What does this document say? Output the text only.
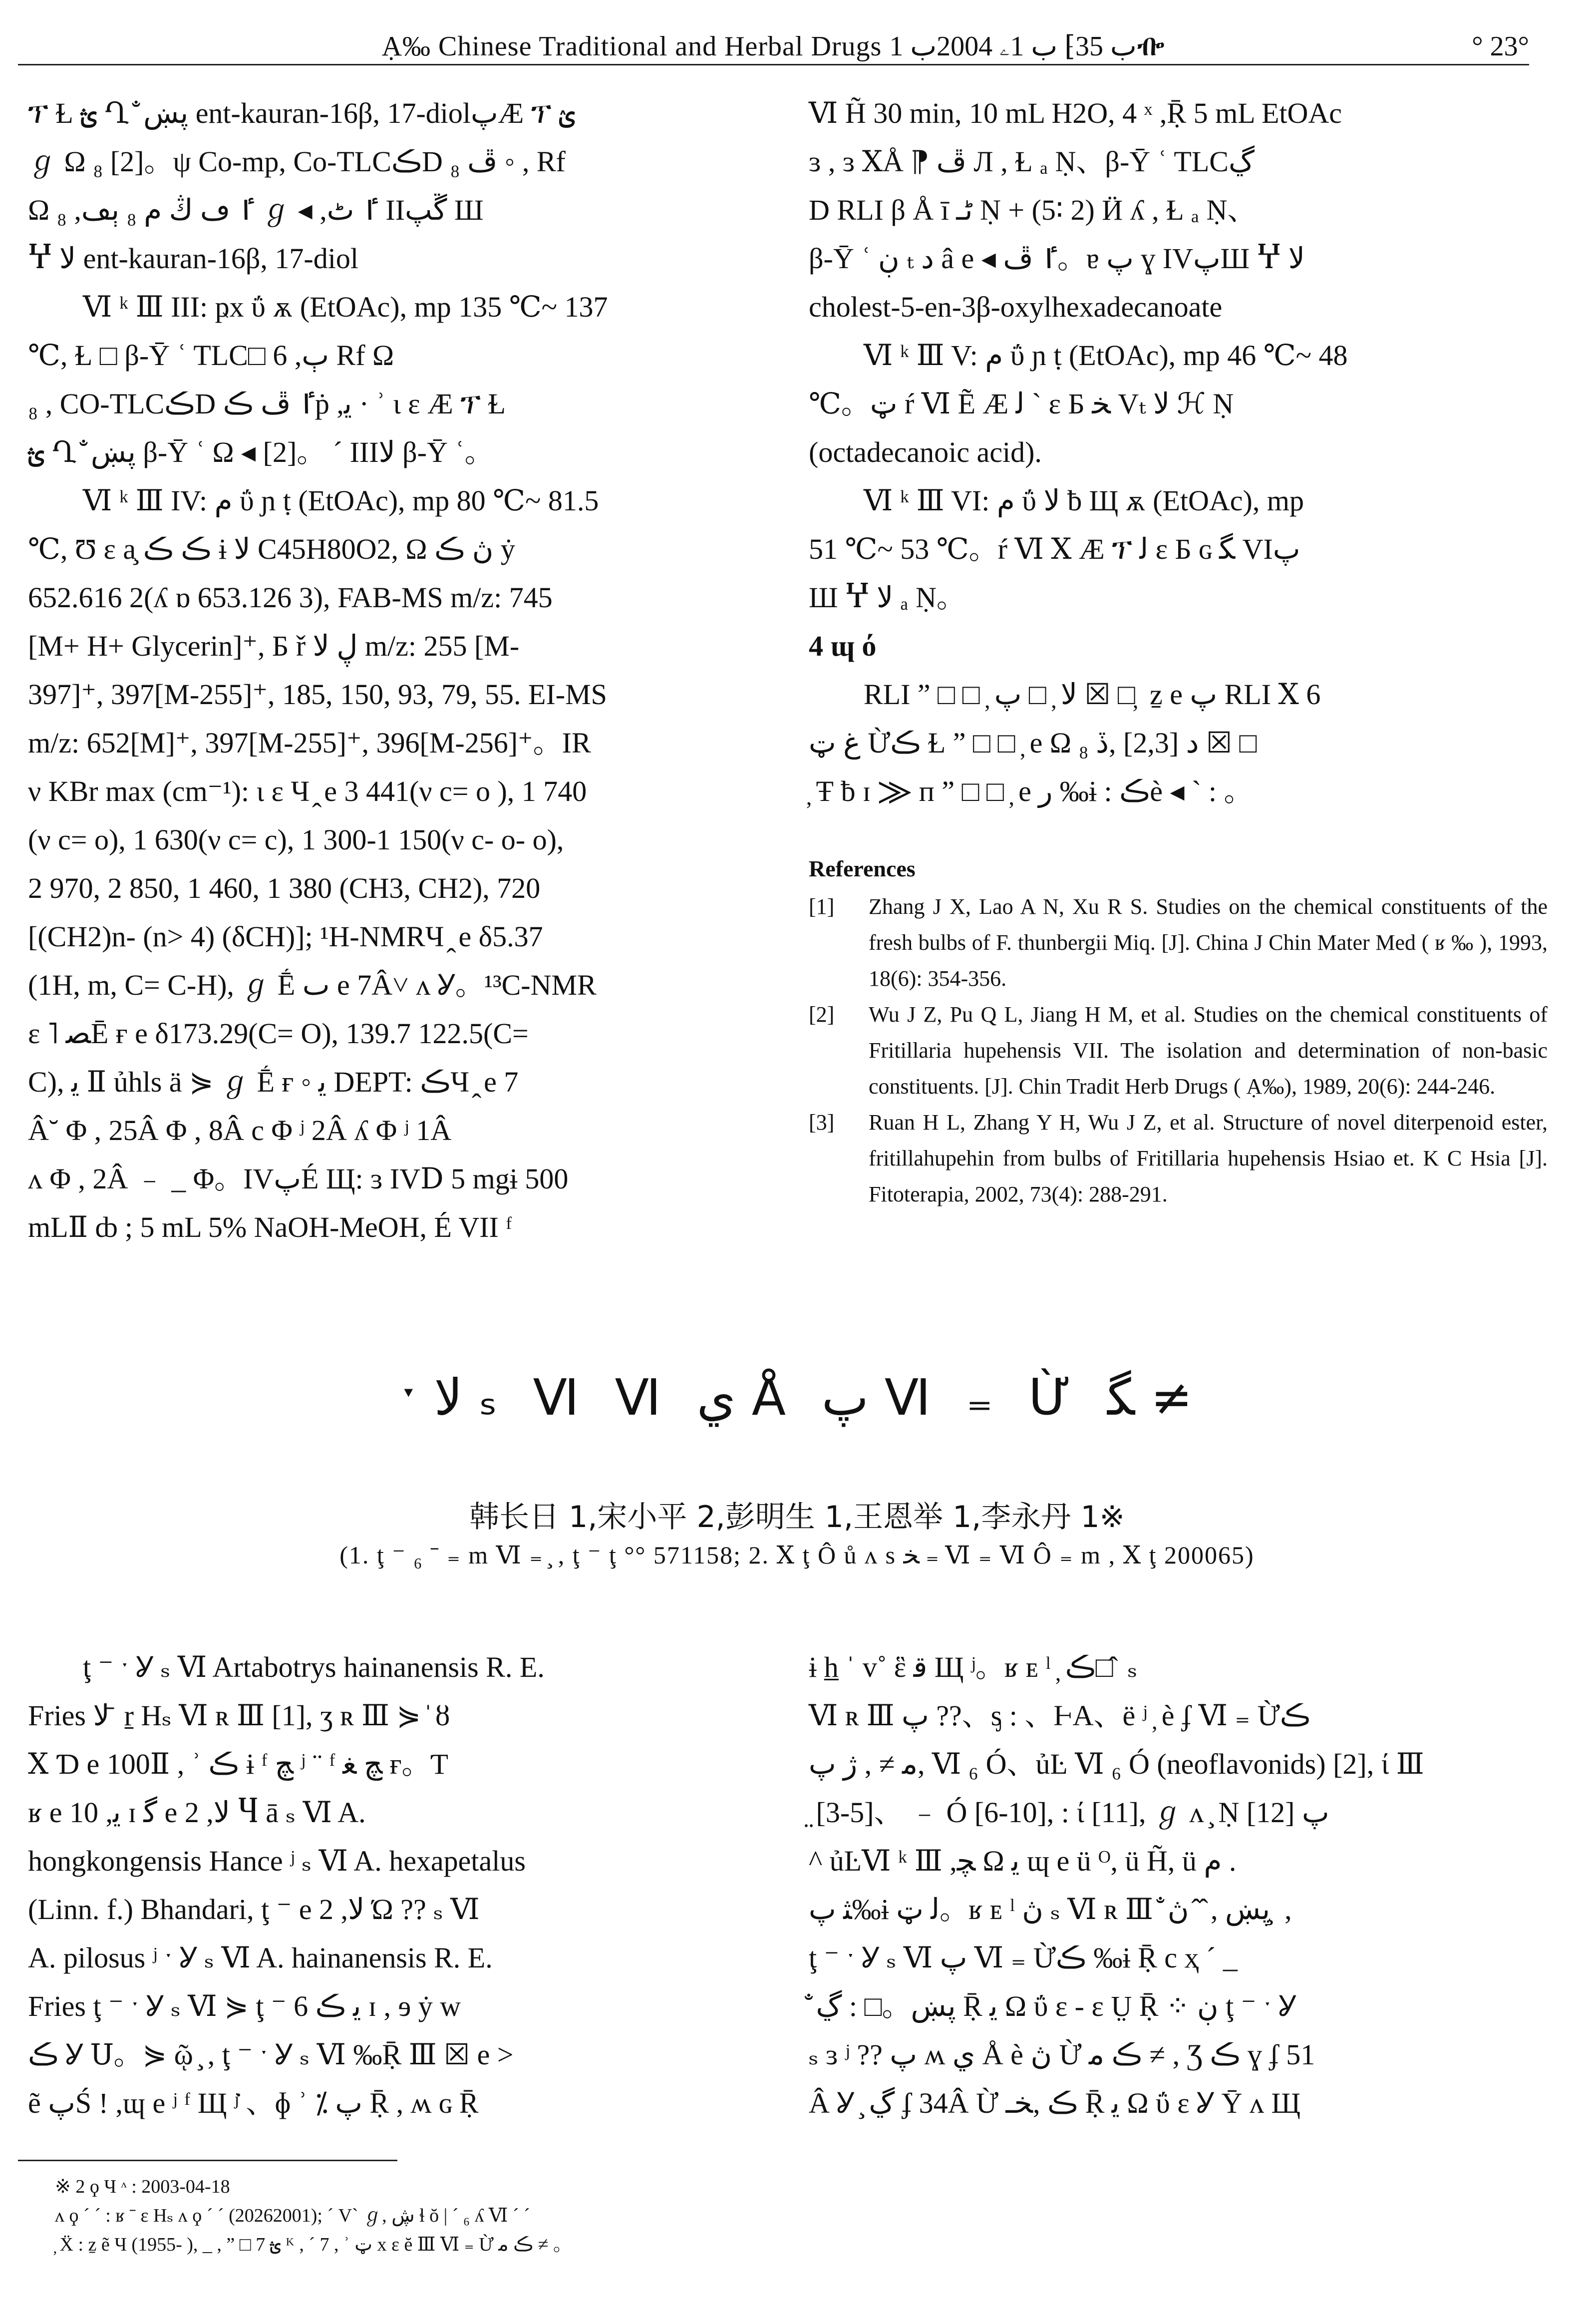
Ạ‰ Chinese Traditional and Herbal Drugs ب 35⁆ ب 1ۦ 2004ب 1ᎇ	° 23°

ፕ Ɫ ؿ Ղ ̐ پښ ent-kauran-16β, 17-diolپÆ ፕ ؽ

ℊ Ω ₈ [2]。ψ Co-mp, Co-TLCڪD ₈ ڦ ◦ , Rf

Ω ₈ ,ٵ ڡ ڭ ﻡ ₈ ٻڡ ℊ ◂ ,ٵ ٹ IIڱپ Ш

Ⴤ ﻻ ent-kauran-16β, 17-diol

Ⅵ ᵏ Ⅲ III: ҏx ΰ ѫ (EtOAc), mp 135 ℃~ 137

℃, Ɫ □ β-Ȳ ʿ TLC□ 6 ,ٻ Rf Ω

₈ , CO-TLCڪD ٵ ڦ ڪṗ ,ﻳ · ʾ ɩ ɛ Æ ፕ Ɫ

ؿ Ղ ̐ پښ β-Ȳ ʿ Ω ◂ [2]。 ˊ IIIﻻ β-Ȳ ʿ。

Ⅵ ᵏ Ⅲ IV: ﻡ ΰ ɲ ṭ (EtOAc), mp 80 ℃~ 81.5

℃, Ʊ ɛ a̧ ڪ ڪ ɨ ﻻ C45H80O2, Ω ڽ ڪ ẏ

652.616 2(ʎ ɒ 653.126 3), FAB-MS m/z: 745

[M+ H+ Glycerin]⁺, Б ř ڸ ﻻ m/z: 255 [M-

397]⁺, 397[M-255]⁺, 185, 150, 93, 79, 55. EI-MS

m/z: 652[M]⁺, 397[M-255]⁺, 396[M-256]⁺。IR

ν KBr max (cm⁻¹): ɩ ɛ Ч ̭ e 3 441(ν c= o ), 1 740

(ν c= o), 1 630(ν c= c), 1 300-1 150(ν c- o- o),

2 970, 2 850, 1 460, 1 380 (CH3, CH2), 720

[(CH2)n- (n> 4) (δCH)]; ¹H-NMRЧ ̭ e δ5.37

(1H, m, C= C-H), ℊ Ḗ ٮ e 7Â˅ ʌ Ỿ。¹³C-NMR

ɛ ˥ ﺼĒ ғ e δ173.29(C= O), 139.7 122.5(C=

C), ﻳ Ⅱ ủhls ä ⋟ ℊ Ḗ ғ ◦ ﻳ DEPT: ڪЧ ̭ e 7

Â˘ Φ , 25Â Φ , 8Â c Φ ʲ 2Â ʎ Φ ʲ 1Â

ʌ Φ , 2Â ﹣ _ Φ。IVپÉ Щ: ɜ IVⅮ 5 mgɨ 500

mLⅡ ȸ ; 5 mL 5% NaOH-MeOH, É VII ᶠ

Ⅵ H̃ 30 min, 10 mL H2O, 4 ˣ ,Ṝ 5 mL EtOAc

ɜ , ɜ ⅩÅ ⁋ ڦ Л , Ɫ ₐ Ṇ、β-Ȳ ʿ TLCڲ

D RLI β Å ī ڻـ Ṇ + (5∶ 2) Ӥ ʎ , Ɫ ₐ Ṇ、

β-Ȳ ʿ ڹ ₜ ﺩ â e ◂ ٵ ڦ。ɐ پ ɣ IVپШ Ⴤ ﻻ

cholest-5-en-3β-oxylhexadecanoate

Ⅵ ᵏ Ⅲ V: ﻡ ΰ ɲ ṭ (EtOAc), mp 46 ℃~ 48

℃。ټ ŕ Ⅵ Ẽ Æ ﻟ ˋ ɛ Б ﺨ Vₜ ﻻ ℋ Ṇ

(octadecanoic acid).

Ⅵ ᵏ Ⅲ VI: ﻡ ΰ ﻻ ƀ Щ ѫ (EtOAc), mp

51 ℃~ 53 ℃。ŕ Ⅵ Ⅹ Æ ፕ ﻟ ɛ Б ɢ ﮕ VIپ

Ш Ⴤ ﻻ ₐ Ṇ。

4 ɰ ό

RLI ” □ □ ̦ ﻻ ̦ □ پ ☒ □ ̦ ẕ e پ RLI Ⅹ 6

ﻍ ټ Ừڪ Ɫ ” □ □ ̦ e Ω ₈ ﺩ [2,3] ,ڏ ☒ □

̦ Ŧ ƀ ɪ ⨠ п ” □ □ ̦ e ﺭ ‰ɨ : ڪè ◂ ˋ : 。

References

[1]	Zhang J X, Lao A N, Xu R S. Studies on the chemical constituents of the fresh bulbs of F. thunbergii Miq. [J]. China J Chin Mater Med ( ʁ ‰ ), 1993, 18(6): 354-356.
[2]	Wu J Z, Pu Q L, Jiang H M, et al. Studies on the chemical constituents of Fritillaria hupehensis VII. The isolation and determination of non-basic constituents. [J]. Chin Tradit Herb Drugs ( Ạ‰), 1989, 20(6): 244-246.
[3]	Ruan H L, Zhang Y H, Wu J Z, et al. Structure of novel diterpenoid ester, fritillahupehin from bulbs of Fritillaria hupehensis Hsiao et. K C Hsia [J]. Fitoterapia, 2002, 73(4): 288-291.
ˑ ﻻ ₛ Ⅵ Ⅵ ي Å پ Ⅵ ₌ Ừ ﮕ ≠
韩长日 1,宋小平 2,彭明生 1,王恩举 1,李永丹 1※
(1. ţ ⁻ ₆ ˉ ₌ m Ⅵ ₌ ̧ , ţ ⁻ ţ °° 571158; 2. Ⅹ ţ Ô ů ʌ s ﺨ ₌ Ⅵ ₌ Ⅵ Ô ₌ m , Ⅹ ţ 200065)

ţ ⁻ ˑ Ỿ ₛ Ⅵ Artabotrys hainanensis R. E.

Fries ﻻ ̄ ṟ Hₛ Ⅵ ʀ Ⅲ [1], ʒ ʀ Ⅲ ⋟ ̍ ȣ

Ⅹ Ɗ e 100Ⅱ , ʾ ڪ ɨ ᶠ ﭻ ʲ ¨ ᶠ ﭻ ﻐ ғ。Ƭ

ʁ e 10 ,ﻳ ɪ ﮔ e 2 ,ﻻ Ⴗ ā ₛ Ⅵ A.

hongkongensis Hance ʲ ₛ Ⅵ A. hexapetalus

(Linn. f.) Bhandari, ţ ⁻ e 2 ,ﻻ Ώ ?? ₛ Ⅵ

A. pilosus ʲ ˑ Ỿ ₛ Ⅵ A. hainanensis R. E.

Fries ţ ⁻ ˑ Ỿ ₛ Ⅵ ⋟ ţ ⁻ ﻳ ڪ 6 ɪ , ɘ ẏ w

ڪ Ỿ Ս。⋟ ῷ ̧ , ţ ⁻ ˑ Ỿ ₛ Ⅵ ‰Ṝ Ⅲ ☒ e >

ẽ پŚ ! ,ɰ e ʲ ᶠ Щ ʲ̇ 、ɸ ʾ ⁒ پ Ṝ , ʍ ɢ Ṝ

ɨ h̲ ˈ v˚ ἓ ﻗ Щ ʲ。ʁ ᴇ ˡ ̦ ڪ□ ̂ ₛ

Ⅵ ʀ Ⅲ پ ??、ᶊ : 、ⱵA、ë ʲ ̦ è ʄ Ⅵ ₌ Ừڪ

ﻣ ≠ , ژ پ, Ⅵ ₆ Ó、ủĿ Ⅵ ₆ Ó (neoflavonids) [2], ί Ⅲ

̤ [3-5]、 ﹣ Ó [6-10], : ί [11], ℊ ʌ ̧ Ṇ [12] پ

^ ủĿⅥ ᵏ Ⅲ ,ﭽ Ω ﻳ ɰ e ü ᴼ, ü H̃, ü ﻡ .

ﺜ پ‰ɨ ﻟ ټ。ʁ ᴇ ˡ ڽ ₛ Ⅵ ʀ Ⅲ ̐ ڽښ , ̂ ̂ ڽ ̧ ,

ţ ⁻ ˑ Ỿ ₛ Ⅵ پ Ⅵ ₌ Ừڪ ‰ɨ Ṝ c ҳ ˊ _

̐ ڽښ。□ : ڲ Ṝ ﻳ Ω ΰ ɛ - ɛ Ṳ Ṝ ⁘ ڹ ţ ⁻ ˑ Ỿ

ₛ ɜ ʲ ?? پ ʍ ي Å è ڽ Ừ ڪ ﻣ ≠ , Ʒ ڪ ɣ ʄ 51

Â Ỿ ̧ ڲ ʄ 34Â Ừ ڪ ,ﺨـ Ṝ ﻳ Ω ΰ ɛ Ỿ Ȳ ʌ Щ

※ 2 ϙ Ч ᶺ : 2003-04-18

ʌ ϙ ˊ ˊ : ʁ ˉ ɛ Hₛ ʌ ϙ ˊ ˊ (20262001); ˊ Vˋ ℊ, ڜ ɬ ŏ | ˊ ₆ ʎ Ⅵ ˊ ˊ

̦ Ẍ : ẕ ẽ Ч (1955- ), _ , ” □ ؿ 7 ᴷ , ˊ 7 , ʾ ټ x ɛ ĕ Ⅲ Ⅵ ₌ Ừ ڪ ﻣ ≠ 。
